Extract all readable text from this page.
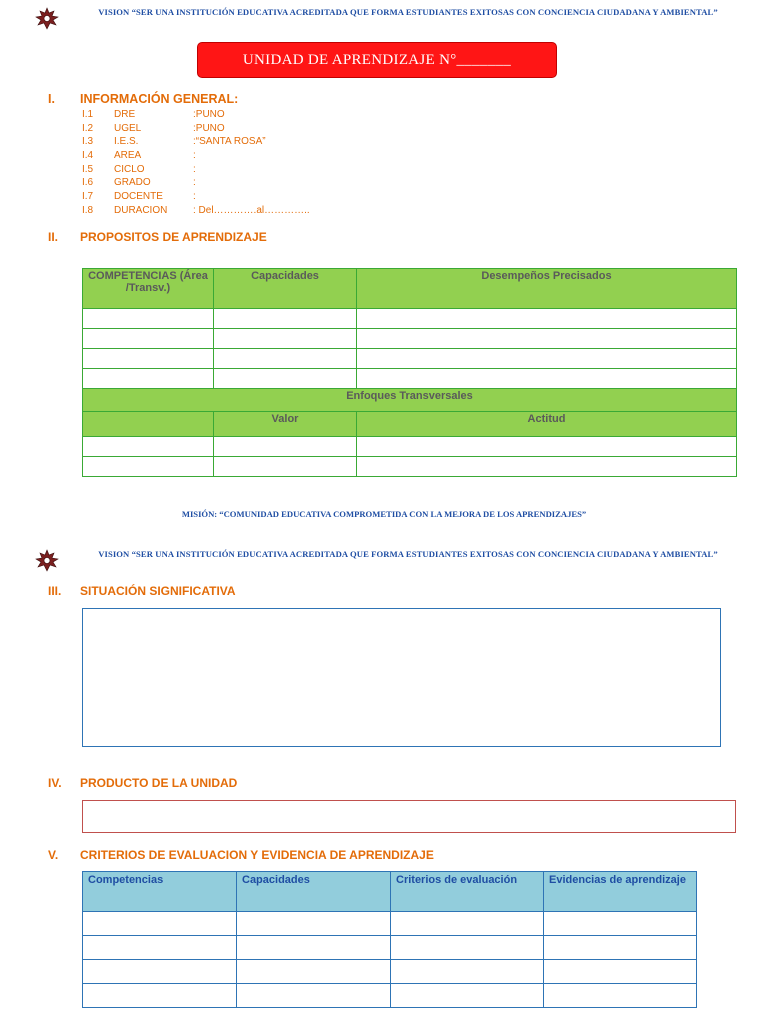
VISION “SER UNA INSTITUCIÓN EDUCATIVA ACREDITADA QUE FORMA ESTUDIANTES EXITOSAS CON CONCIENCIA CIUDADANA Y AMBIENTAL”
UNIDAD DE APRENDIZAJE N°_______
I. INFORMACIÓN GENERAL:
I.1 DRE	:PUNO
I.2 UGEL	:PUNO
I.3 I.E.S.	:“SANTA ROSA”
I.4 AREA	:
I.5 CICLO	:
I.6 GRADO	:
I.7 DOCENTE	:
I.8 DURACION	: Del………….al…………..
II. PROPOSITOS DE APRENDIZAJE
COMPETENCIAS (Área /Transv.)	Capacidades	Desempeños Precisados

Enfoques Transversales		
	Valor	Actitud

MISIÓN: “COMUNIDAD EDUCATIVA COMPROMETIDA CON LA MEJORA DE LOS APRENDIZAJES”
VISION “SER UNA INSTITUCIÓN EDUCATIVA ACREDITADA QUE FORMA ESTUDIANTES EXITOSAS CON CONCIENCIA CIUDADANA Y AMBIENTAL”
III. SITUACIÓN SIGNIFICATIVA
IV. PRODUCTO DE LA UNIDAD
V. CRITERIOS DE EVALUACION Y EVIDENCIA DE APRENDIZAJE
Competencias	Capacidades	Criterios de evaluación	Evidencias de aprendizaje
